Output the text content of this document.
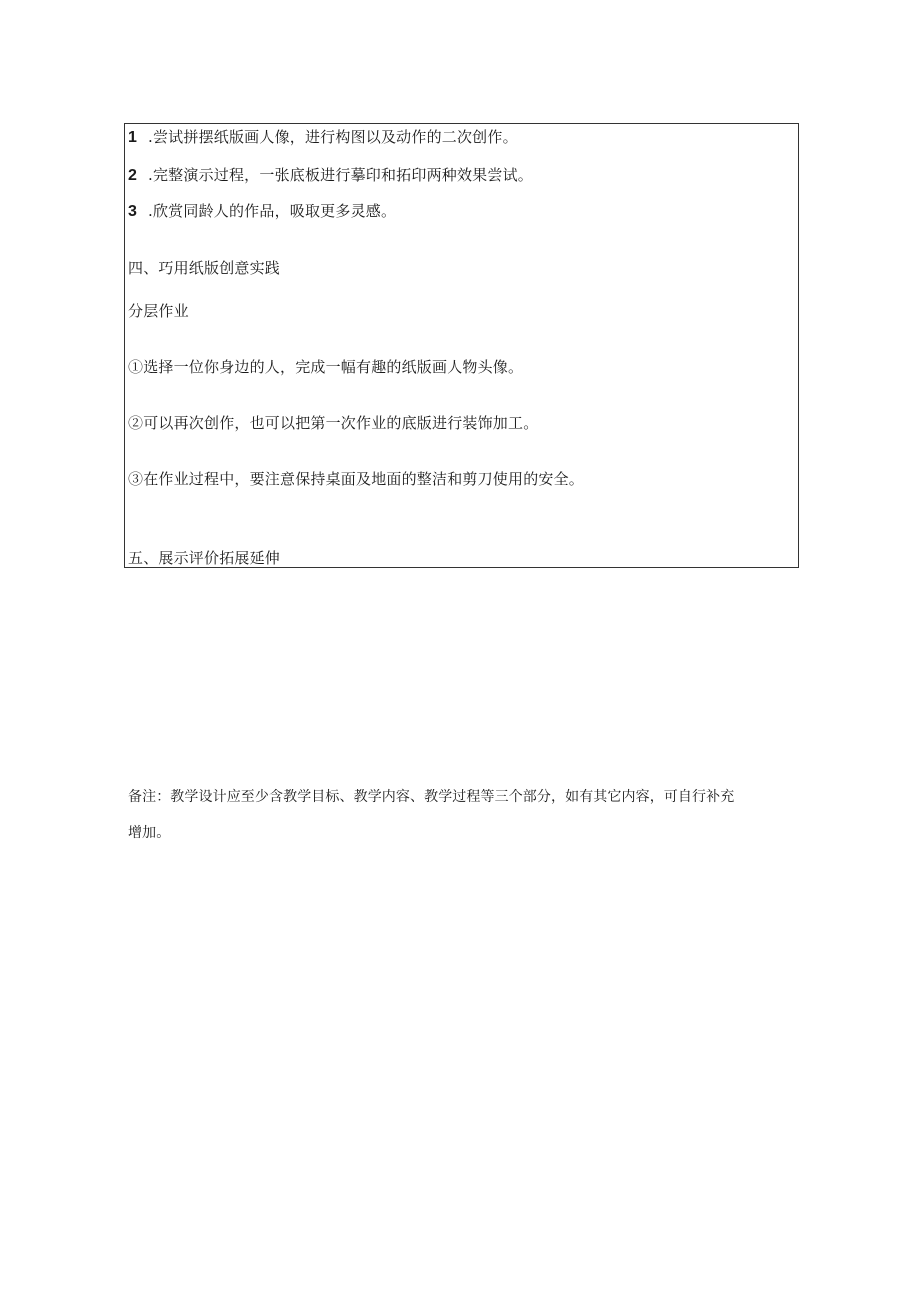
1 .尝试拼摆纸版画人像，进行构图以及动作的二次创作。
2 .完整演示过程，一张底板进行摹印和拓印两种效果尝试。
3 .欣赏同龄人的作品，吸取更多灵感。
四、巧用纸版创意实践
分层作业
①选择一位你身边的人，完成一幅有趣的纸版画人物头像。
②可以再次创作，也可以把第一次作业的底版进行装饰加工。
③在作业过程中，要注意保持桌面及地面的整洁和剪刀使用的安全。
五、展示评价拓展延伸
备注：教学设计应至少含教学目标、教学内容、教学过程等三个部分，如有其它内容，可自行补充
增加。
